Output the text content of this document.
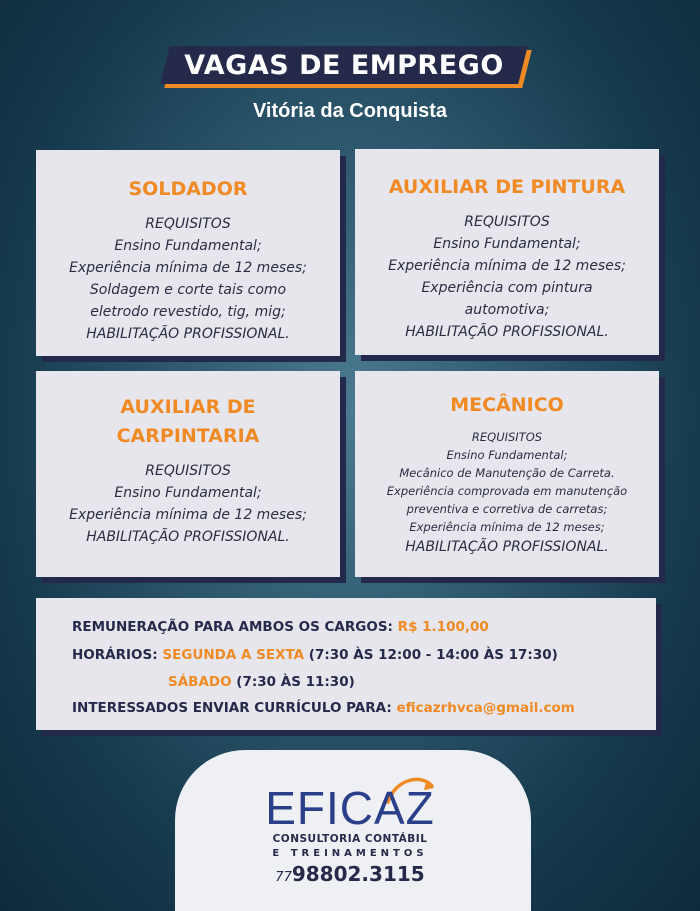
VAGAS DE EMPREGO
Vitória da Conquista
SOLDADOR
REQUISITOS
Ensino Fundamental;
Experiência mínima de 12 meses;
Soldagem e corte tais como
eletrodo revestido, tig, mig;
HABILITAÇÃO PROFISSIONAL.
AUXILIAR DE PINTURA
REQUISITOS
Ensino Fundamental;
Experiência mínima de 12 meses;
Experiência com pintura
automotiva;
HABILITAÇÃO PROFISSIONAL.
AUXILIAR DE
CARPINTARIA
REQUISITOS
Ensino Fundamental;
Experiência mínima de 12 meses;
HABILITAÇÃO PROFISSIONAL.
MECÂNICO
REQUISITOS
Ensino Fundamental;
Mecânico de Manutenção de Carreta.
Experiência comprovada em manutenção
preventiva e corretiva de carretas;
Experiência mínima de 12 meses;
HABILITAÇÃO PROFISSIONAL.
REMUNERAÇÃO PARA AMBOS OS CARGOS: R$ 1.100,00
HORÁRIOS: SEGUNDA A SEXTA (7:30 ÀS 12:00 - 14:00 ÀS 17:30)
SÁBADO (7:30 ÀS 11:30)
INTERESSADOS ENVIAR CURRÍCULO PARA: eficazrhvca@gmail.com
EFICAZ
CONSULTORIA CONTÁBIL
E TREINAMENTOS
7798802.3115
